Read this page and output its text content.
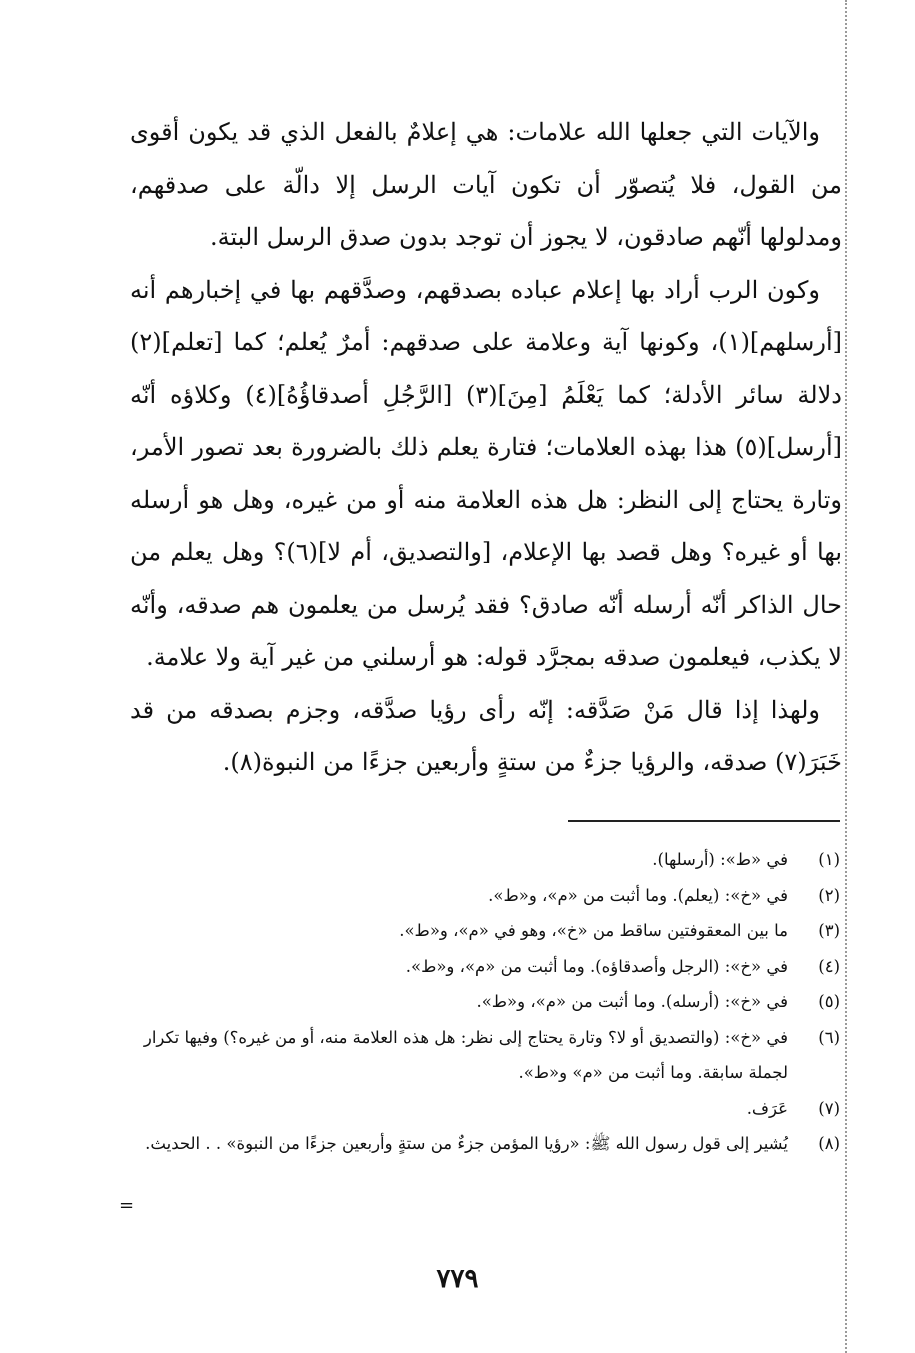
والآيات التي جعلها الله علامات: هي إعلامٌ بالفعل الذي قد يكون أقوى من القول، فلا يُتصوّر أن تكون آيات الرسل إلا دالّة على صدقهم، ومدلولها أنّهم صادقون، لا يجوز أن توجد بدون صدق الرسل البتة.

وكون الرب أراد بها إعلام عباده بصدقهم، وصدَّقهم بها في إخبارهم أنه [أرسلهم](١)، وكونها آية وعلامة على صدقهم: أمرٌ يُعلم؛ كما [تعلم](٢) دلالة سائر الأدلة؛ كما يَعْلَمُ [مِنَ](٣) [الرَّجُلِ أصدقاؤُهُ](٤) وكلاؤه أنّه [أرسل](٥) هذا بهذه العلامات؛ فتارة يعلم ذلك بالضرورة بعد تصور الأمر، وتارة يحتاج إلى النظر: هل هذه العلامة منه أو من غيره، وهل هو أرسله بها أو غيره؟ وهل قصد بها الإعلام، [والتصديق، أم لا](٦)؟ وهل يعلم من حال الذاكر أنّه أرسله أنّه صادق؟ فقد يُرسل من يعلمون هم صدقه، وأنّه لا يكذب، فيعلمون صدقه بمجرَّد قوله: هو أرسلني من غير آية ولا علامة.

ولهذا إذا قال مَنْ صَدَّقه: إنّه رأى رؤيا صدَّقه، وجزم بصدقه من قد خَبَرَ(٧) صدقه، والرؤيا جزءٌ من ستةٍ وأربعين جزءًا من النبوة(٨).

(١)
في «ط»: (أرسلها).
(٢)
في «خ»: (يعلم). وما أثبت من «م»، و«ط».
(٣)
ما بين المعقوفتين ساقط من «خ»، وهو في «م»، و«ط».
(٤)
في «خ»: (الرجل وأصدقاؤه). وما أثبت من «م»، و«ط».
(٥)
في «خ»: (أرسله). وما أثبت من «م»، و«ط».
(٦)
في «خ»: (والتصديق أو لا؟ وتارة يحتاج إلى نظر: هل هذه العلامة منه، أو من غيره؟) وفيها تكرار لجملة سابقة. وما أثبت من «م» و«ط».
(٧)
عَرَف.
(٨)
يُشير إلى قول رسول الله ﷺ: «رؤيا المؤمن جزءٌ من ستةٍ وأربعين جزءًا من النبوة» . . الحديث.
=
٧٧٩
